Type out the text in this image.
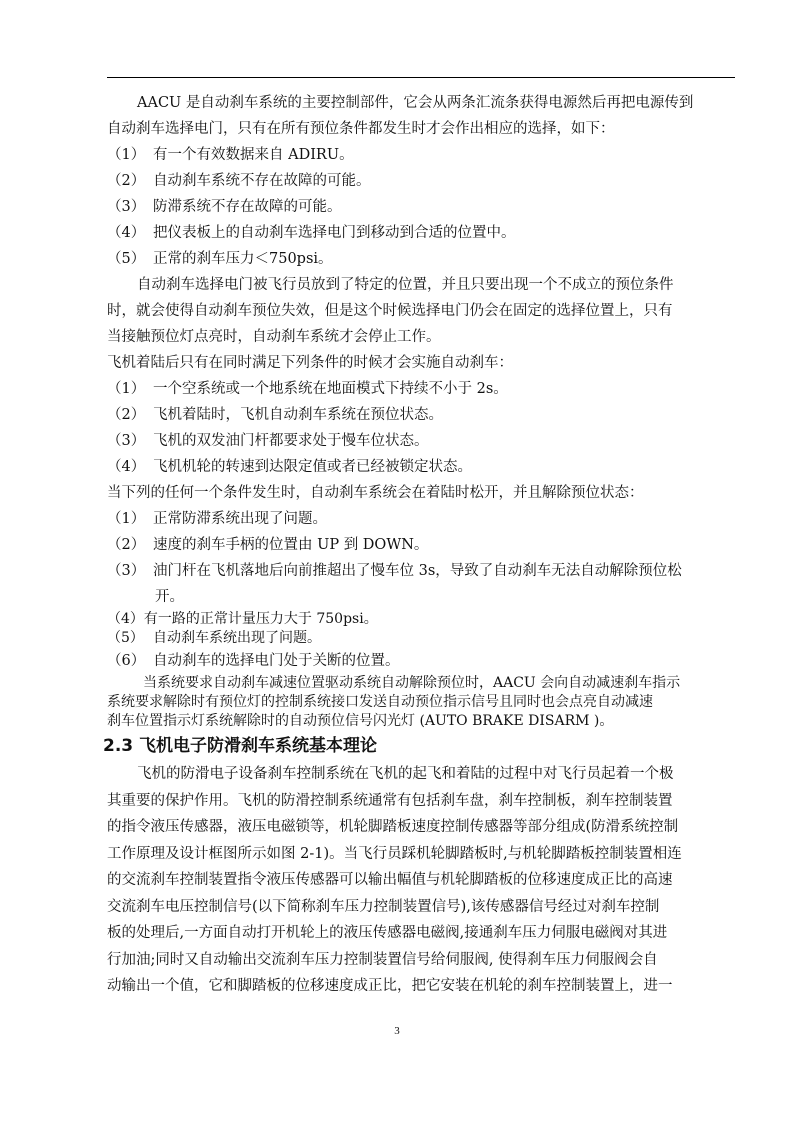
AACU 是自动刹车系统的主要控制部件，它会从两条汇流条获得电源然后再把电源传到
自动刹车选择电门，只有在所有预位条件都发生时才会作出相应的选择，如下：
（1） 有一个有效数据来自 ADIRU。
（2） 自动刹车系统不存在故障的可能。
（3） 防滞系统不存在故障的可能。
（4） 把仪表板上的自动刹车选择电门到移动到合适的位置中。
（5） 正常的刹车压力＜750psi。
自动刹车选择电门被飞行员放到了特定的位置，并且只要出现一个不成立的预位条件
时，就会使得自动刹车预位失效，但是这个时候选择电门仍会在固定的选择位置上，只有
当接触预位灯点亮时，自动刹车系统才会停止工作。
飞机着陆后只有在同时满足下列条件的时候才会实施自动刹车：
（1） 一个空系统或一个地系统在地面模式下持续不小于 2s。
（2） 飞机着陆时，飞机自动刹车系统在预位状态。
（3） 飞机的双发油门杆都要求处于慢车位状态。
（4） 飞机机轮的转速到达限定值或者已经被锁定状态。
当下列的任何一个条件发生时，自动刹车系统会在着陆时松开，并且解除预位状态：
（1） 正常防滞系统出现了问题。
（2） 速度的刹车手柄的位置由 UP 到 DOWN。
（3） 油门杆在飞机落地后向前推超出了慢车位 3s，导致了自动刹车无法自动解除预位松
开。
（4）有一路的正常计量压力大于 750psi。
（5） 自动刹车系统出现了问题。
（6） 自动刹车的选择电门处于关断的位置。
当系统要求自动刹车减速位置驱动系统自动解除预位时，AACU 会向自动减速刹车指示
系统要求解除时有预位灯的控制系统接口发送自动预位指示信号且同时也会点亮自动减速
刹车位置指示灯系统解除时的自动预位信号闪光灯 (AUTO BRAKE DISARM )。
2.3 飞机电子防滑刹车系统基本理论
飞机的防滑电子设备刹车控制系统在飞机的起飞和着陆的过程中对飞行员起着一个极
其重要的保护作用。飞机的防滑控制系统通常有包括刹车盘，刹车控制板，刹车控制装置
的指令液压传感器，液压电磁锁等，机轮脚踏板速度控制传感器等部分组成(防滑系统控制
工作原理及设计框图所示如图 2-1)。当飞行员踩机轮脚踏板时,与机轮脚踏板控制装置相连
的交流刹车控制装置指令液压传感器可以输出幅值与机轮脚踏板的位移速度成正比的高速
交流刹车电压控制信号(以下简称刹车压力控制装置信号),该传感器信号经过对刹车控制
板的处理后,一方面自动打开机轮上的液压传感器电磁阀,接通刹车压力伺服电磁阀对其进
行加油;同时又自动输出交流刹车压力控制装置信号给伺服阀, 使得刹车压力伺服阀会自
动输出一个值，它和脚踏板的位移速度成正比，把它安装在机轮的刹车控制装置上，进一
3
